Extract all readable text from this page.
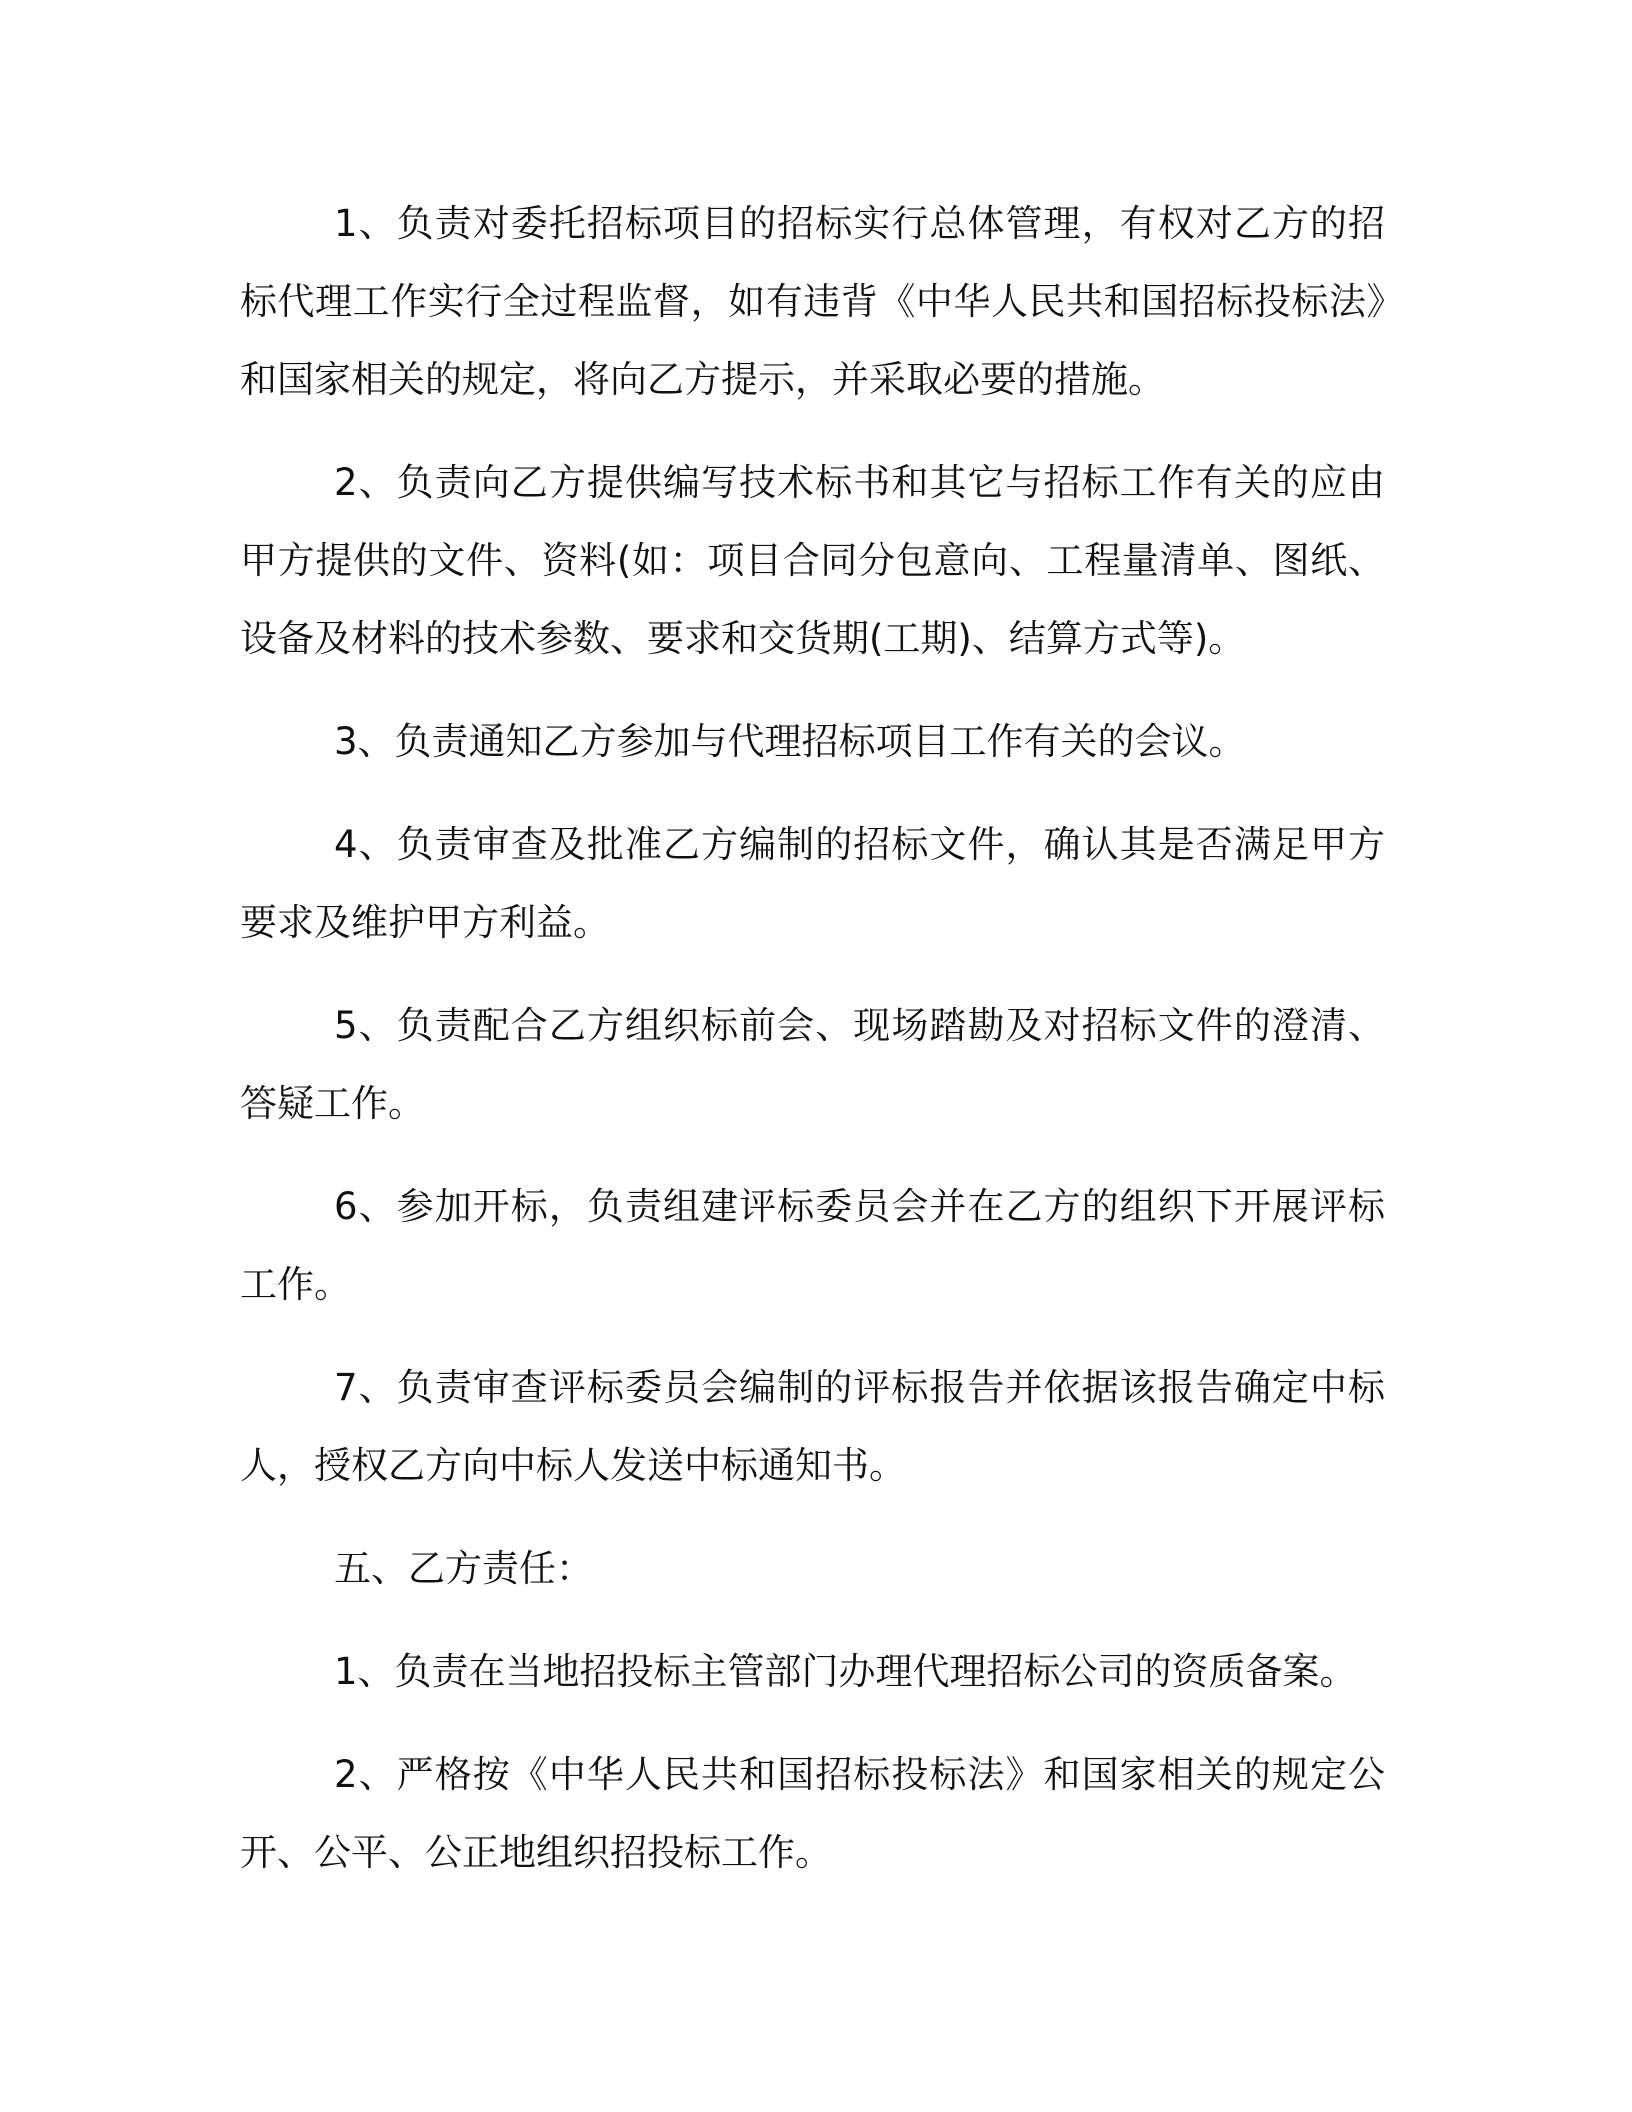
1、负责对委托招标项目的招标实行总体管理，有权对乙方的招标代理工作实行全过程监督，如有违背《中华人民共和国招标投标法》和国家相关的规定，将向乙方提示，并采取必要的措施。

2、负责向乙方提供编写技术标书和其它与招标工作有关的应由甲方提供的文件、资料(如：项目合同分包意向、工程量清单、图纸、设备及材料的技术参数、要求和交货期(工期)、结算方式等)。

3、负责通知乙方参加与代理招标项目工作有关的会议。

4、负责审查及批准乙方编制的招标文件，确认其是否满足甲方要求及维护甲方利益。

5、负责配合乙方组织标前会、现场踏勘及对招标文件的澄清、答疑工作。

6、参加开标，负责组建评标委员会并在乙方的组织下开展评标工作。

7、负责审查评标委员会编制的评标报告并依据该报告确定中标人，授权乙方向中标人发送中标通知书。

五、乙方责任：

1、负责在当地招投标主管部门办理代理招标公司的资质备案。

2、严格按《中华人民共和国招标投标法》和国家相关的规定公开、公平、公正地组织招投标工作。
